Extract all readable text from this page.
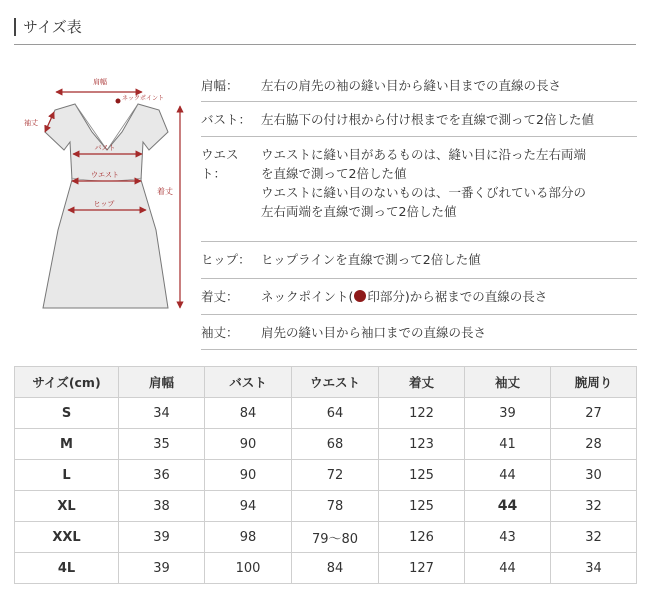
サイズ表
肩幅
ネックポイント
袖丈
バスト
ウエスト
ヒップ
着丈
肩幅：	左右の肩先の袖の縫い目から縫い目までの直線の長さ
バスト： 左右脇下の付け根から付け根までを直線で測って2倍した値
ウエスト：
ウエストに縫い目があるものは、縫い目に沿った左右両端
を直線で測って2倍した値
ウエストに縫い目のないものは、一番くびれている部分の
左右両端を直線で測って2倍した値
ヒップ： ヒップラインを直線で測って2倍した値
着丈：	ネックポイント( 印部分)から裾までの直線の長さ
袖丈：	肩先の縫い目から袖口までの直線の長さ
サイズ(cm)	肩幅	バスト	ウエスト	着丈	袖丈	腕周り
S	34	84	64	122	39	27
M	35	90	68	123	41	28
L	36	90	72	125	44	30
XL	38	94	78	125	44	32
XXL	39	98	79～80	126	43	32
4L	39	100	84	127	44	34
